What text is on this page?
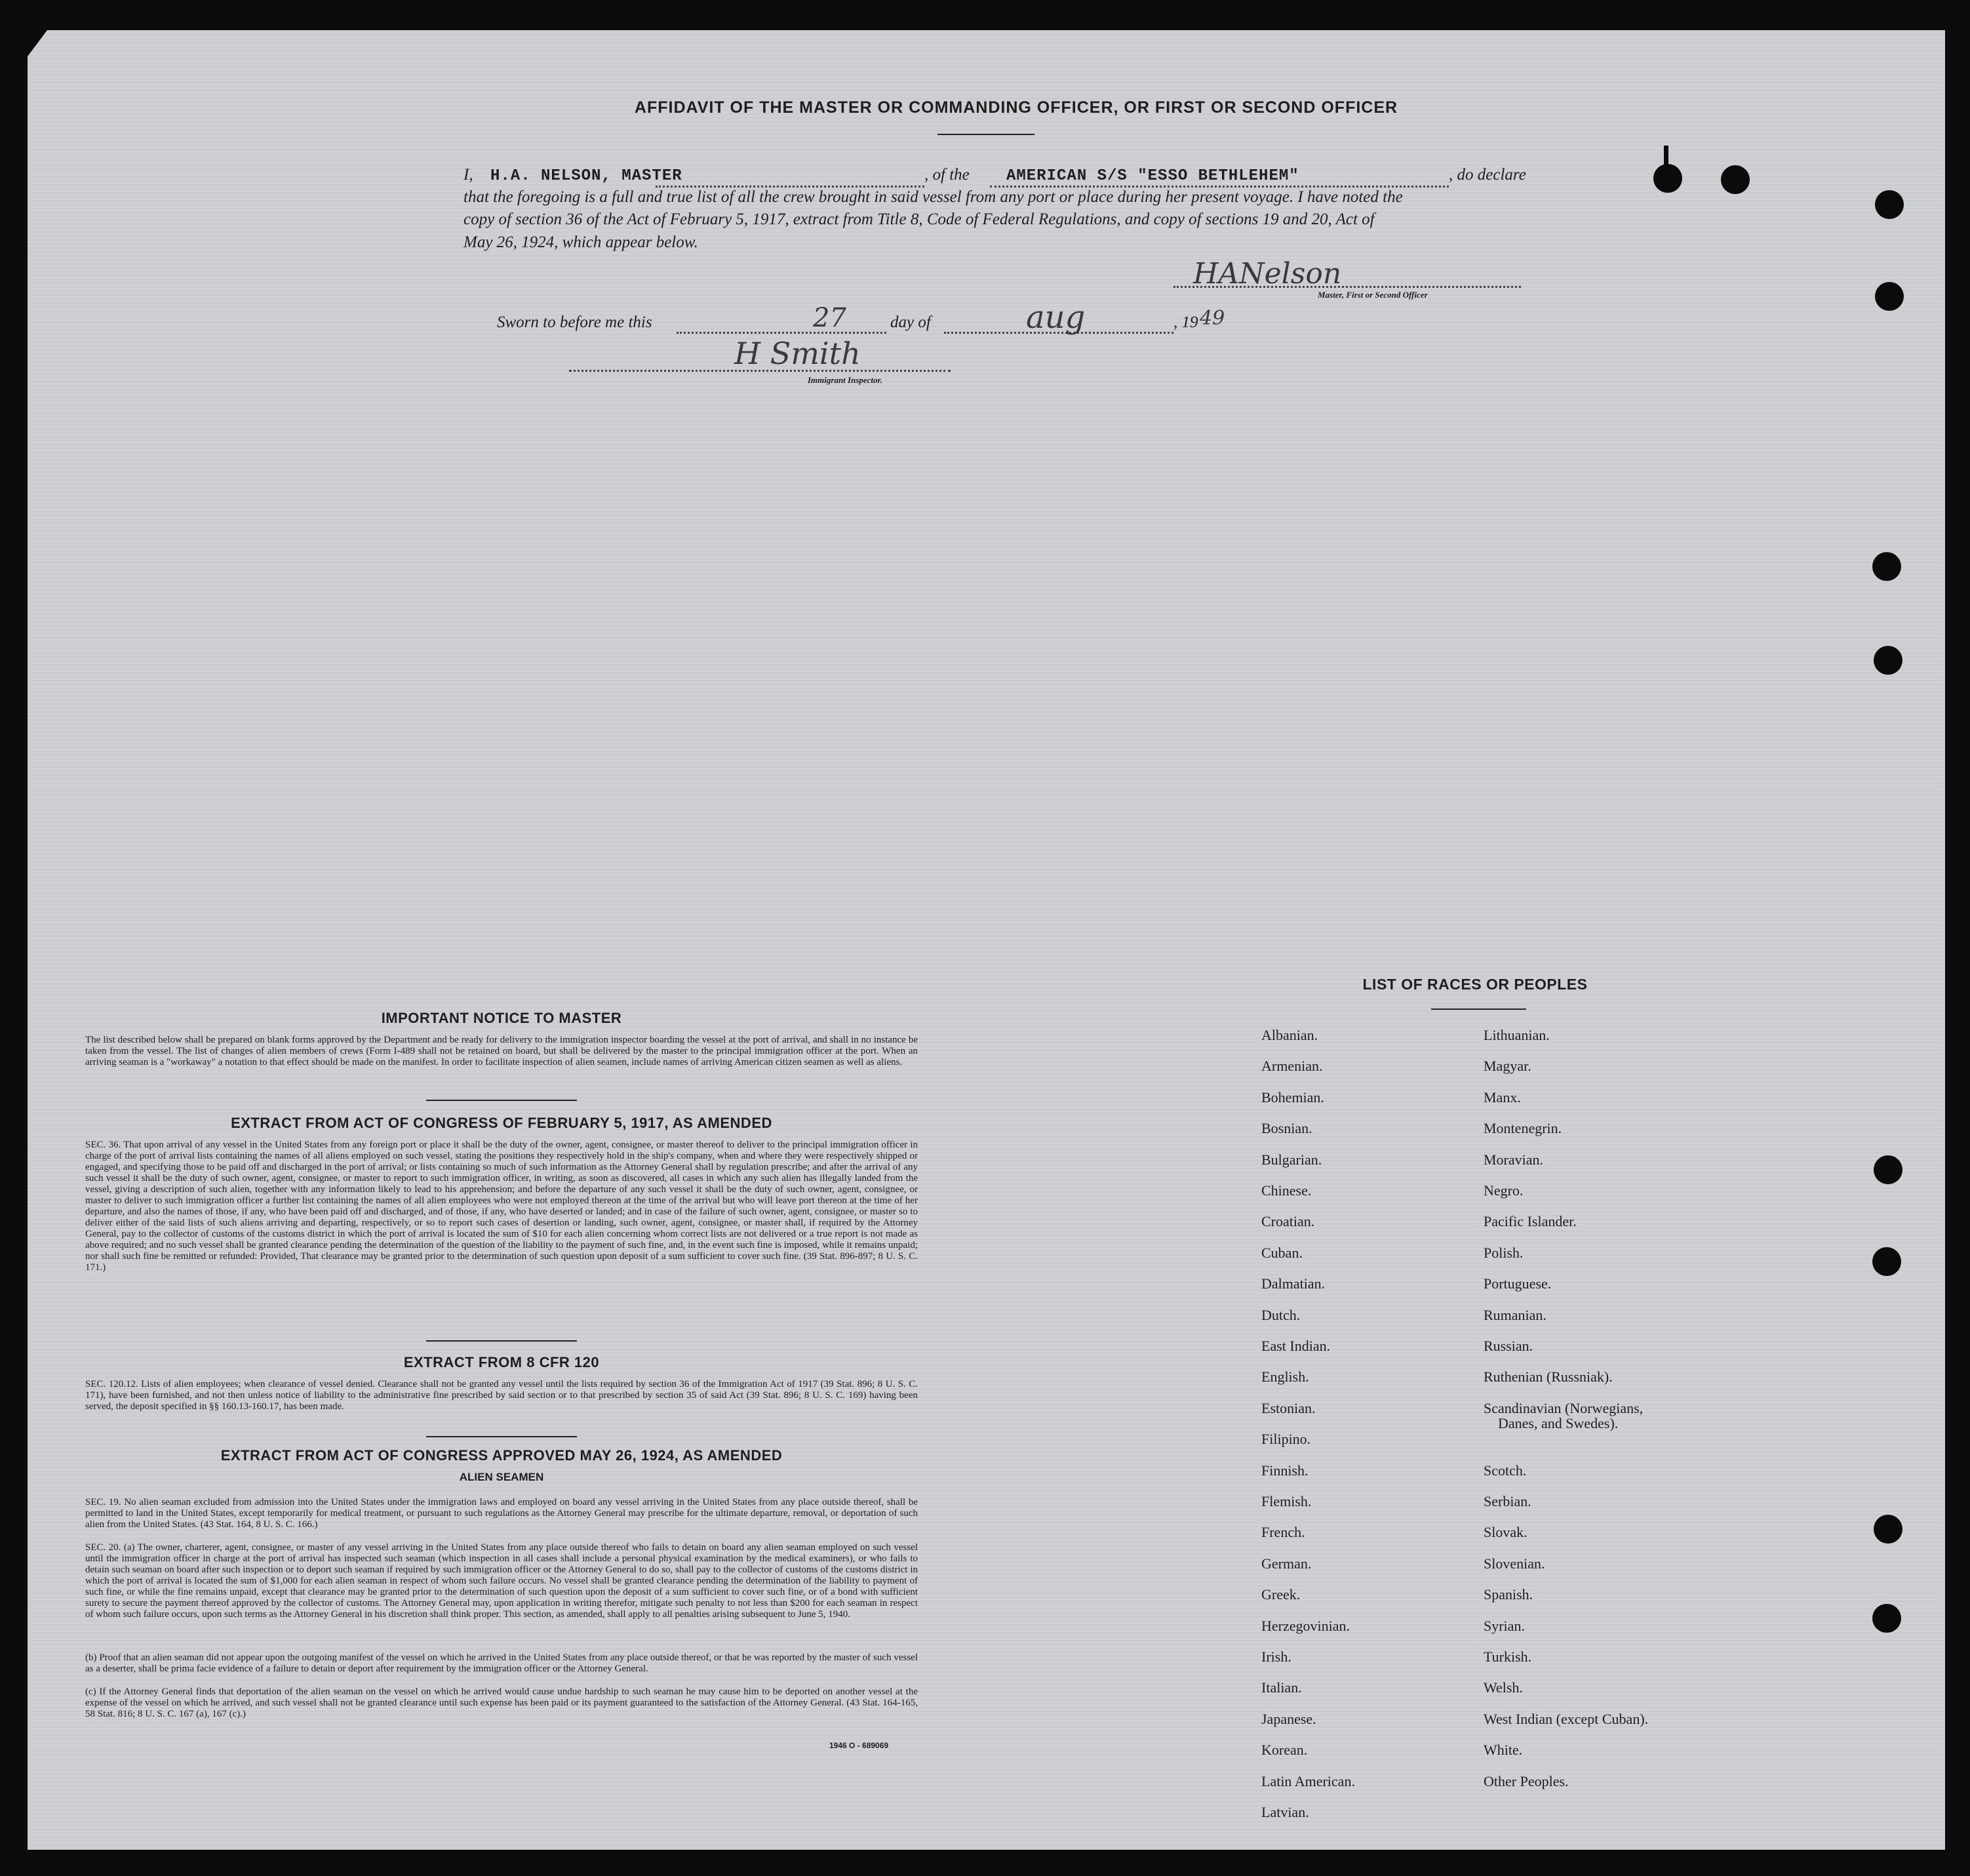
AFFIDAVIT OF THE MASTER OR COMMANDING OFFICER, OR FIRST OR SECOND OFFICER
I, H.A. NELSON, MASTER	, of the AMERICAN S/S "ESSO BETHLEHEM"	, do declare
that the foregoing is a full and true list of all the crew brought in said vessel from any port or place during her present voyage. I have noted the
copy of section 36 of the Act of February 5, 1917, extract from Title 8, Code of Federal Regulations, and copy of sections 19 and 20, Act of
May 26, 1924, which appear below.
HANelson
Master, First or Second Officer
Sworn to before me this	27	day of	aug	, 19 49
H Smith
Immigrant Inspector.
IMPORTANT NOTICE TO MASTER
The list described below shall be prepared on blank forms approved by the Department and be ready for delivery to the immigration inspector boarding the vessel at the port of arrival, and shall in no instance be taken from the vessel. The list of changes of alien members of crews (Form I-489 shall not be retained on board, but shall be delivered by the master to the principal immigration officer at the port. When an arriving seaman is a "workaway" a notation to that effect should be made on the manifest. In order to facilitate inspection of alien seamen, include names of arriving American citizen seamen as well as aliens.
EXTRACT FROM ACT OF CONGRESS OF FEBRUARY 5, 1917, AS AMENDED
SEC. 36. That upon arrival of any vessel in the United States from any foreign port or place it shall be the duty of the owner, agent, consignee, or master thereof to deliver to the principal immigration officer in charge of the port of arrival lists containing the names of all aliens employed on such vessel, stating the positions they respectively hold in the ship's company, when and where they were respectively shipped or engaged, and specifying those to be paid off and discharged in the port of arrival; or lists containing so much of such information as the Attorney General shall by regulation prescribe; and after the arrival of any such vessel it shall be the duty of such owner, agent, consignee, or master to report to such immigration officer, in writing, as soon as discovered, all cases in which any such alien has illegally landed from the vessel, giving a description of such alien, together with any information likely to lead to his apprehension; and before the departure of any such vessel it shall be the duty of such owner, agent, consignee, or master to deliver to such immigration officer a further list containing the names of all alien employees who were not employed thereon at the time of the arrival but who will leave port thereon at the time of her departure, and also the names of those, if any, who have been paid off and discharged, and of those, if any, who have deserted or landed; and in case of the failure of such owner, agent, consignee, or master so to deliver either of the said lists of such aliens arriving and departing, respectively, or so to report such cases of desertion or landing, such owner, agent, consignee, or master shall, if required by the Attorney General, pay to the collector of customs of the customs district in which the port of arrival is located the sum of $10 for each alien concerning whom correct lists are not delivered or a true report is not made as above required; and no such vessel shall be granted clearance pending the determination of the question of the liability to the payment of such fine, and, in the event such fine is imposed, while it remains unpaid; nor shall such fine be remitted or refunded: Provided, That clearance may be granted prior to the determination of such question upon deposit of a sum sufficient to cover such fine. (39 Stat. 896-897; 8 U. S. C. 171.)
EXTRACT FROM 8 CFR 120
SEC. 120.12. Lists of alien employees; when clearance of vessel denied. Clearance shall not be granted any vessel until the lists required by section 36 of the Immigration Act of 1917 (39 Stat. 896; 8 U. S. C. 171), have been furnished, and not then unless notice of liability to the administrative fine prescribed by said section or to that prescribed by section 35 of said Act (39 Stat. 896; 8 U. S. C. 169) having been served, the deposit specified in §§ 160.13-160.17, has been made.
EXTRACT FROM ACT OF CONGRESS APPROVED MAY 26, 1924, AS AMENDED
ALIEN SEAMEN
SEC. 19. No alien seaman excluded from admission into the United States under the immigration laws and employed on board any vessel arriving in the United States from any place outside thereof, shall be permitted to land in the United States, except temporarily for medical treatment, or pursuant to such regulations as the Attorney General may prescribe for the ultimate departure, removal, or deportation of such alien from the United States. (43 Stat. 164, 8 U. S. C. 166.)
SEC. 20. (a) The owner, charterer, agent, consignee, or master of any vessel arriving in the United States from any place outside thereof who fails to detain on board any alien seaman employed on such vessel until the immigration officer in charge at the port of arrival has inspected such seaman (which inspection in all cases shall include a personal physical examination by the medical examiners), or who fails to detain such seaman on board after such inspection or to deport such seaman if required by such immigration officer or the Attorney General to do so, shall pay to the collector of customs of the customs district in which the port of arrival is located the sum of $1,000 for each alien seaman in respect of whom such failure occurs. No vessel shall be granted clearance pending the determination of the liability to payment of such fine, or while the fine remains unpaid, except that clearance may be granted prior to the determination of such question upon the deposit of a sum sufficient to cover such fine, or of a bond with sufficient surety to secure the payment thereof approved by the collector of customs. The Attorney General may, upon application in writing therefor, mitigate such penalty to not less than $200 for each seaman in respect of whom such failure occurs, upon such terms as the Attorney General in his discretion shall think proper. This section, as amended, shall apply to all penalties arising subsequent to June 5, 1940.
(b) Proof that an alien seaman did not appear upon the outgoing manifest of the vessel on which he arrived in the United States from any place outside thereof, or that he was reported by the master of such vessel as a deserter, shall be prima facie evidence of a failure to detain or deport after requirement by the immigration officer or the Attorney General.
(c) If the Attorney General finds that deportation of the alien seaman on the vessel on which he arrived would cause undue hardship to such seaman he may cause him to be deported on another vessel at the expense of the vessel on which he arrived, and such vessel shall not be granted clearance until such expense has been paid or its payment guaranteed to the satisfaction of the Attorney General. (43 Stat. 164-165, 58 Stat. 816; 8 U. S. C. 167 (a), 167 (c).)
1946 O - 689069
LIST OF RACES OR PEOPLES
Albanian.
Armenian.
Bohemian.
Bosnian.
Bulgarian.
Chinese.
Croatian.
Cuban.
Dalmatian.
Dutch.
East Indian.
English.
Estonian.
Filipino.
Finnish.
Flemish.
French.
German.
Greek.
Herzegovinian.
Irish.
Italian.
Japanese.
Korean.
Latin American.
Latvian.
Lithuanian.
Magyar.
Manx.
Montenegrin.
Moravian.
Negro.
Pacific Islander.
Polish.
Portuguese.
Rumanian.
Russian.
Ruthenian (Russniak).
Scandinavian (Norwegians,
Scotch.
Serbian.
Slovak.
Slovenian.
Spanish.
Syrian.
Turkish.
Welsh.
West Indian (except Cuban).
White.
Other Peoples.
Danes, and Swedes).
